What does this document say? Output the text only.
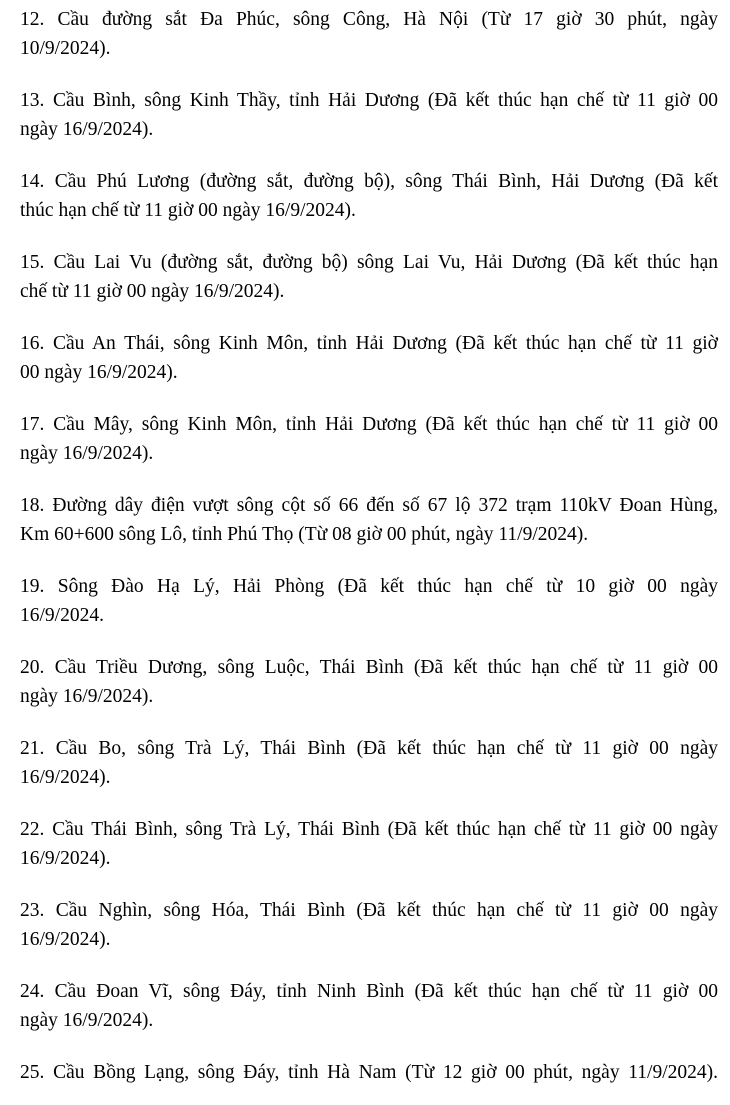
12. Cầu đường sắt Đa Phúc, sông Công, Hà Nội (Từ 17 giờ 30 phút, ngày
10/9/2024).

13. Cầu Bình, sông Kinh Thầy, tỉnh Hải Dương (Đã kết thúc hạn chế từ 11 giờ 00
ngày 16/9/2024).

14. Cầu Phú Lương (đường sắt, đường bộ), sông Thái Bình, Hải Dương (Đã kết
thúc hạn chế từ 11 giờ 00 ngày 16/9/2024).

15. Cầu Lai Vu (đường sắt, đường bộ) sông Lai Vu, Hải Dương (Đã kết thúc hạn
chế từ 11 giờ 00 ngày 16/9/2024).

16. Cầu An Thái, sông Kinh Môn, tỉnh Hải Dương (Đã kết thúc hạn chế từ 11 giờ
00 ngày 16/9/2024).

17. Cầu Mây, sông Kinh Môn, tỉnh Hải Dương (Đã kết thúc hạn chế từ 11 giờ 00
ngày 16/9/2024).

18. Đường dây điện vượt sông cột số 66 đến số 67 lộ 372 trạm 110kV Đoan Hùng,
Km 60+600 sông Lô, tỉnh Phú Thọ (Từ 08 giờ 00 phút, ngày 11/9/2024).

19. Sông Đào Hạ Lý, Hải Phòng (Đã kết thúc hạn chế từ 10 giờ 00 ngày
16/9/2024.

20. Cầu Triều Dương, sông Luộc, Thái Bình (Đã kết thúc hạn chế từ 11 giờ 00
ngày 16/9/2024).

21. Cầu Bo, sông Trà Lý, Thái Bình (Đã kết thúc hạn chế từ 11 giờ 00 ngày
16/9/2024).

22. Cầu Thái Bình, sông Trà Lý, Thái Bình (Đã kết thúc hạn chế từ 11 giờ 00 ngày
16/9/2024).

23. Cầu Nghìn, sông Hóa, Thái Bình (Đã kết thúc hạn chế từ 11 giờ 00 ngày
16/9/2024).

24. Cầu Đoan Vĩ, sông Đáy, tỉnh Ninh Bình (Đã kết thúc hạn chế từ 11 giờ 00
ngày 16/9/2024).

25. Cầu Bồng Lạng, sông Đáy, tỉnh Hà Nam (Từ 12 giờ 00 phút, ngày 11/9/2024).
